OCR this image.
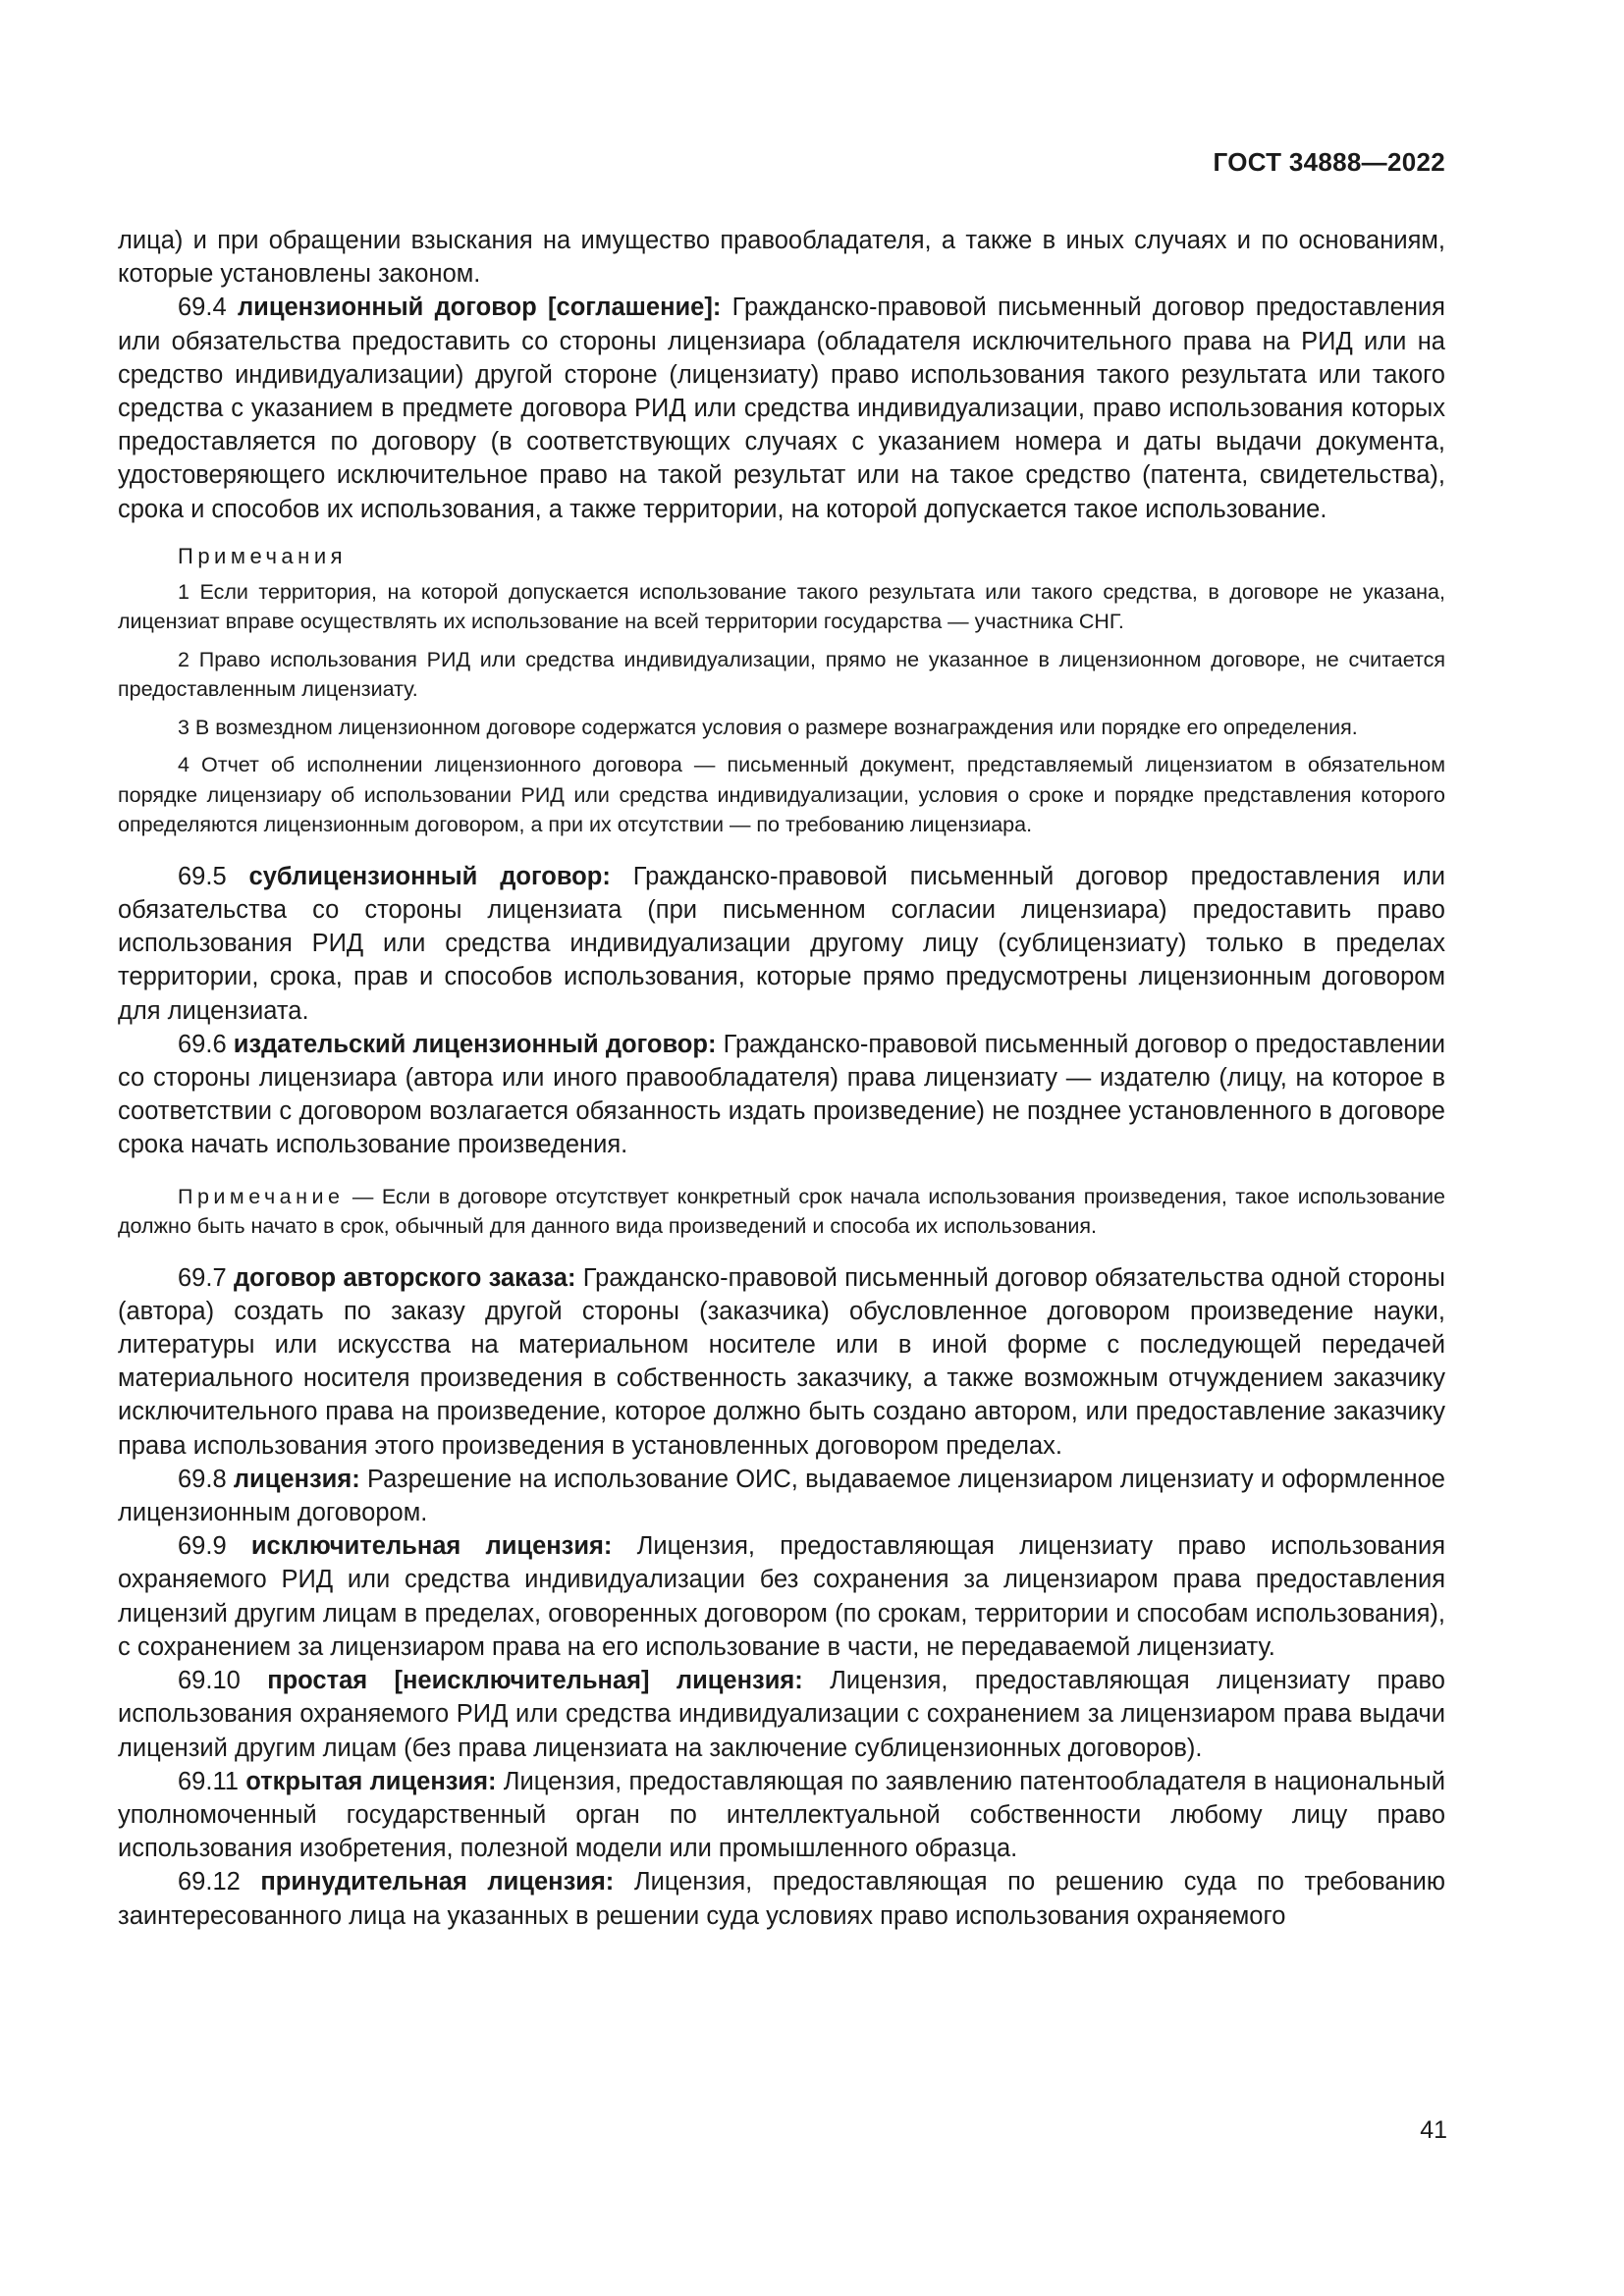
ГОСТ 34888—2022

лица) и при обращении взыскания на имущество правообладателя, а также в иных случаях и по основаниям, которые установлены законом.

69.4 лицензионный договор [соглашение]: Гражданско-правовой письменный договор предоставления или обязательства предоставить со стороны лицензиара (обладателя исключительного права на РИД или на средство индивидуализации) другой стороне (лицензиату) право использования такого результата или такого средства с указанием в предмете договора РИД или средства индивидуализации, право использования которых предоставляется по договору (в соответствующих случаях с указанием номера и даты выдачи документа, удостоверяющего исключительное право на такой результат или на такое средство (патента, свидетельства), срока и способов их использования, а также территории, на которой допускается такое использование.

Примечания

1 Если территория, на которой допускается использование такого результата или такого средства, в договоре не указана, лицензиат вправе осуществлять их использование на всей территории государства — участника СНГ.

2 Право использования РИД или средства индивидуализации, прямо не указанное в лицензионном договоре, не считается предоставленным лицензиату.

3 В возмездном лицензионном договоре содержатся условия о размере вознаграждения или порядке его определения.

4 Отчет об исполнении лицензионного договора — письменный документ, представляемый лицензиатом в обязательном порядке лицензиару об использовании РИД или средства индивидуализации, условия о сроке и порядке представления которого определяются лицензионным договором, а при их отсутствии — по требованию лицензиара.

69.5 сублицензионный договор: Гражданско-правовой письменный договор предоставления или обязательства со стороны лицензиата (при письменном согласии лицензиара) предоставить право использования РИД или средства индивидуализации другому лицу (сублицензиату) только в пределах территории, срока, прав и способов использования, которые прямо предусмотрены лицензионным договором для лицензиата.

69.6 издательский лицензионный договор: Гражданско-правовой письменный договор о предоставлении со стороны лицензиара (автора или иного правообладателя) права лицензиату — издателю (лицу, на которое в соответствии с договором возлагается обязанность издать произведение) не позднее установленного в договоре срока начать использование произведения.

Примечание — Если в договоре отсутствует конкретный срок начала использования произведения, такое использование должно быть начато в срок, обычный для данного вида произведений и способа их использования.

69.7 договор авторского заказа: Гражданско-правовой письменный договор обязательства одной стороны (автора) создать по заказу другой стороны (заказчика) обусловленное договором произведение науки, литературы или искусства на материальном носителе или в иной форме с последующей передачей материального носителя произведения в собственность заказчику, а также возможным отчуждением заказчику исключительного права на произведение, которое должно быть создано автором, или предоставление заказчику права использования этого произведения в установленных договором пределах.

69.8 лицензия: Разрешение на использование ОИС, выдаваемое лицензиаром лицензиату и оформленное лицензионным договором.

69.9 исключительная лицензия: Лицензия, предоставляющая лицензиату право использования охраняемого РИД или средства индивидуализации без сохранения за лицензиаром права предоставления лицензий другим лицам в пределах, оговоренных договором (по срокам, территории и способам использования), с сохранением за лицензиаром права на его использование в части, не передаваемой лицензиату.

69.10 простая [неисключительная] лицензия: Лицензия, предоставляющая лицензиату право использования охраняемого РИД или средства индивидуализации с сохранением за лицензиаром права выдачи лицензий другим лицам (без права лицензиата на заключение сублицензионных договоров).

69.11 открытая лицензия: Лицензия, предоставляющая по заявлению патентообладателя в национальный уполномоченный государственный орган по интеллектуальной собственности любому лицу право использования изобретения, полезной модели или промышленного образца.

69.12 принудительная лицензия: Лицензия, предоставляющая по решению суда по требованию заинтересованного лица на указанных в решении суда условиях право использования охраняемого

41
